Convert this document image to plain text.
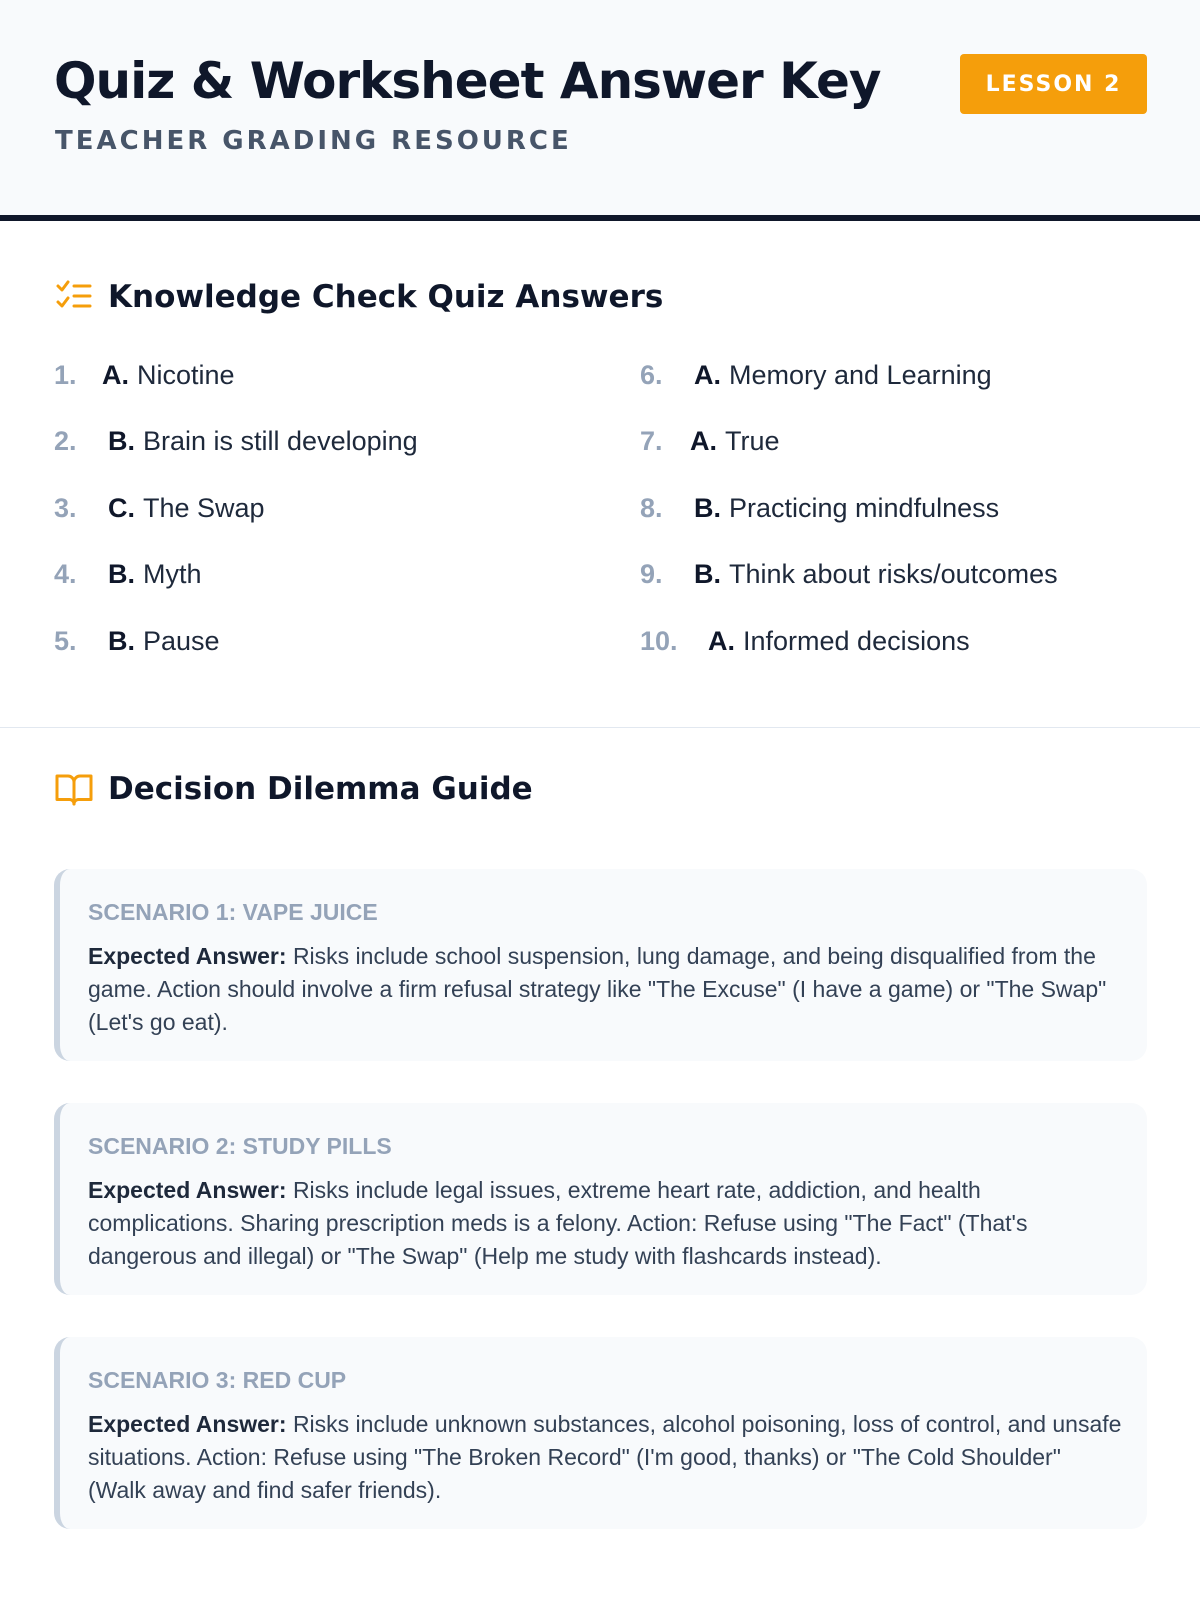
Quiz & Worksheet Answer Key
TEACHER GRADING RESOURCE
LESSON 2
Knowledge Check Quiz Answers
1. A. Nicotine	6.	A. Memory and Learning
2.	B. Brain is still developing	7.	A. True
3.	C. The Swap	8.	B. Practicing mindfulness
4.	B. Myth	9.	B. Think about risks/outcomes
5.	B. Pause	10.	A. Informed decisions
Decision Dilemma Guide
SCENARIO 1: VAPE JUICE
Expected Answer: Risks include school suspension, lung damage, and being disqualified from the game. Action should involve a firm refusal strategy like "The Excuse" (I have a game) or "The Swap" (Let's go eat).
SCENARIO 2: STUDY PILLS
Expected Answer: Risks include legal issues, extreme heart rate, addiction, and health complications. Sharing prescription meds is a felony. Action: Refuse using "The Fact" (That's dangerous and illegal) or "The Swap" (Help me study with flashcards instead).
SCENARIO 3: RED CUP
Expected Answer: Risks include unknown substances, alcohol poisoning, loss of control, and unsafe situations. Action: Refuse using "The Broken Record" (I'm good, thanks) or "The Cold Shoulder" (Walk away and find safer friends).
